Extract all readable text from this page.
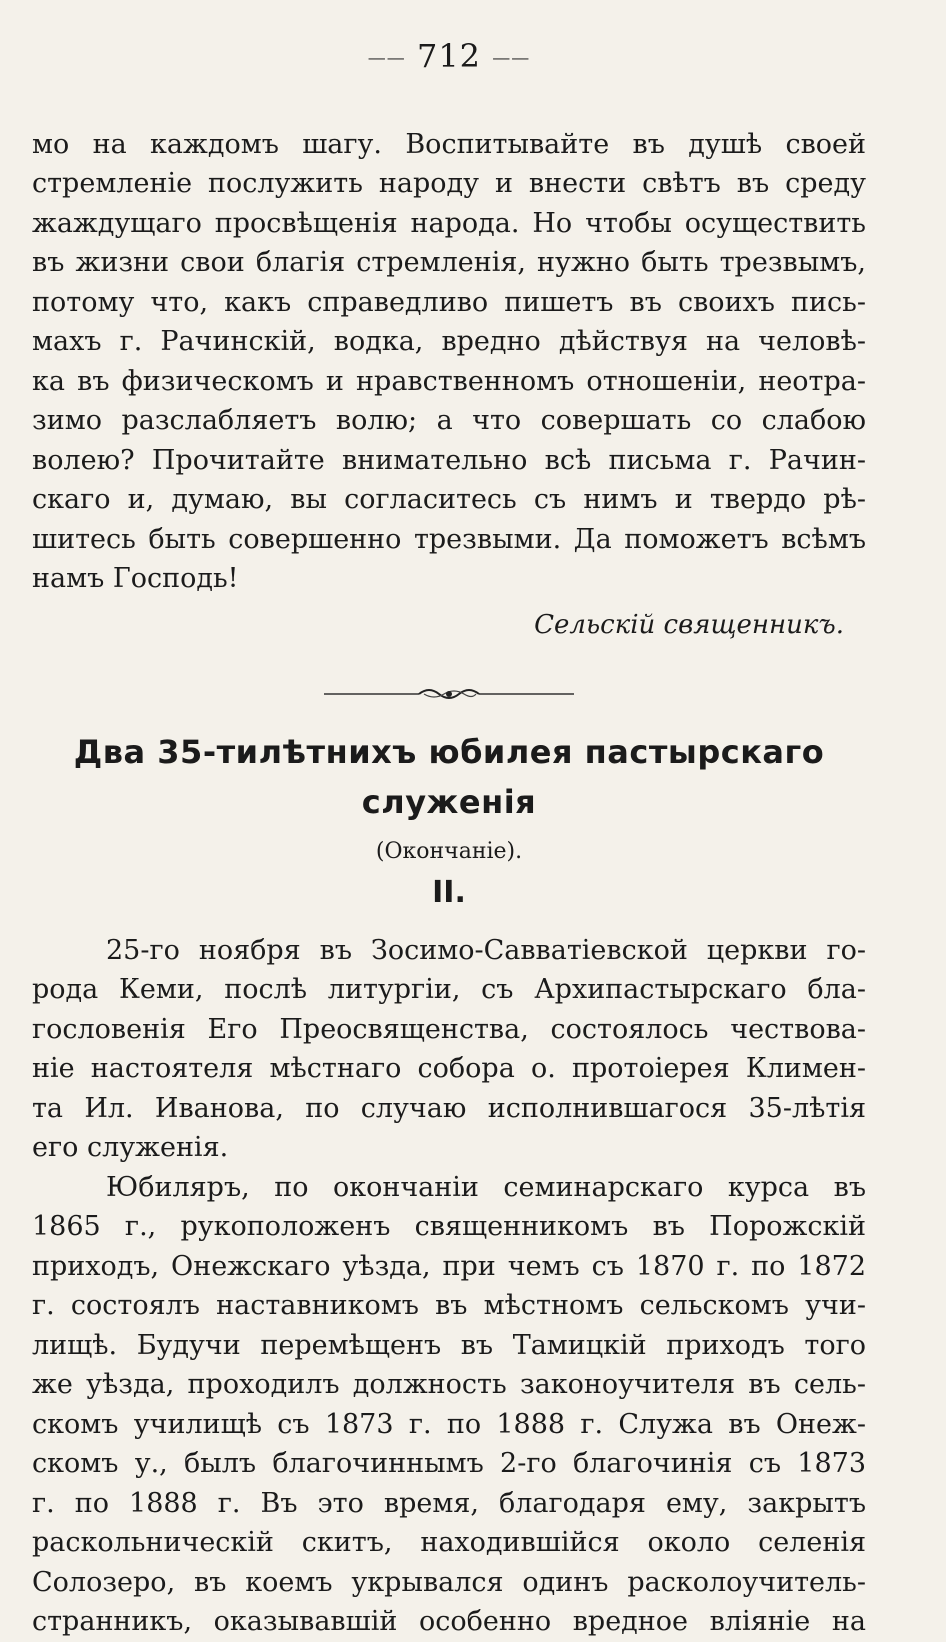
—— 712 ——
мо на каждомъ шагу. Воспитывайте въ душѣ своей
стремленіе послужить народу и внести свѣтъ въ среду
жаждущаго просвѣщенія народа. Но чтобы осуществить
въ жизни свои благія стремленія, нужно быть трезвымъ,
потому что, какъ справедливо пишетъ въ своихъ пись-
махъ г. Рачинскій, водка, вредно дѣйствуя на человѣ-
ка въ физическомъ и нравственномъ отношеніи, неотра-
зимо разслабляетъ волю; а что совершать со слабою
волею? Прочитайте внимательно всѣ письма г. Рачин-
скаго и, думаю, вы согласитесь съ нимъ и твердо рѣ-
шитесь быть совершенно трезвыми. Да поможетъ всѣмъ
намъ Господь!
Сельскій священникъ.
Два 35-тилѣтнихъ юбилея пастырскаго
служенія
(Окончаніе).
II.
25-го ноября въ Зосимо-Савватіевской церкви го-
рода Кеми, послѣ литургіи, съ Архипастырскаго бла-
гословенія Его Преосвященства, состоялось чествова-
ніе настоятеля мѣстнаго собора о. протоіерея Климен-
та Ил. Иванова, по случаю исполнившагося 35-лѣтія
его служенія.
Юбиляръ, по окончаніи семинарскаго курса въ
1865 г., рукоположенъ священникомъ въ Порожскій
приходъ, Онежскаго уѣзда, при чемъ съ 1870 г. по 1872
г. состоялъ наставникомъ въ мѣстномъ сельскомъ учи-
лищѣ. Будучи перемѣщенъ въ Тамицкій приходъ того
же уѣзда, проходилъ должность законоучителя въ сель-
скомъ училищѣ съ 1873 г. по 1888 г. Служа въ Онеж-
скомъ у., былъ благочиннымъ 2-го благочинія съ 1873
г. по 1888 г. Въ это время, благодаря ему, закрытъ
раскольническій скитъ, находившійся около селенія
Солозеро, въ коемъ укрывался одинъ расколоучитель-
странникъ, оказывавшій особенно вредное вліяніе на
